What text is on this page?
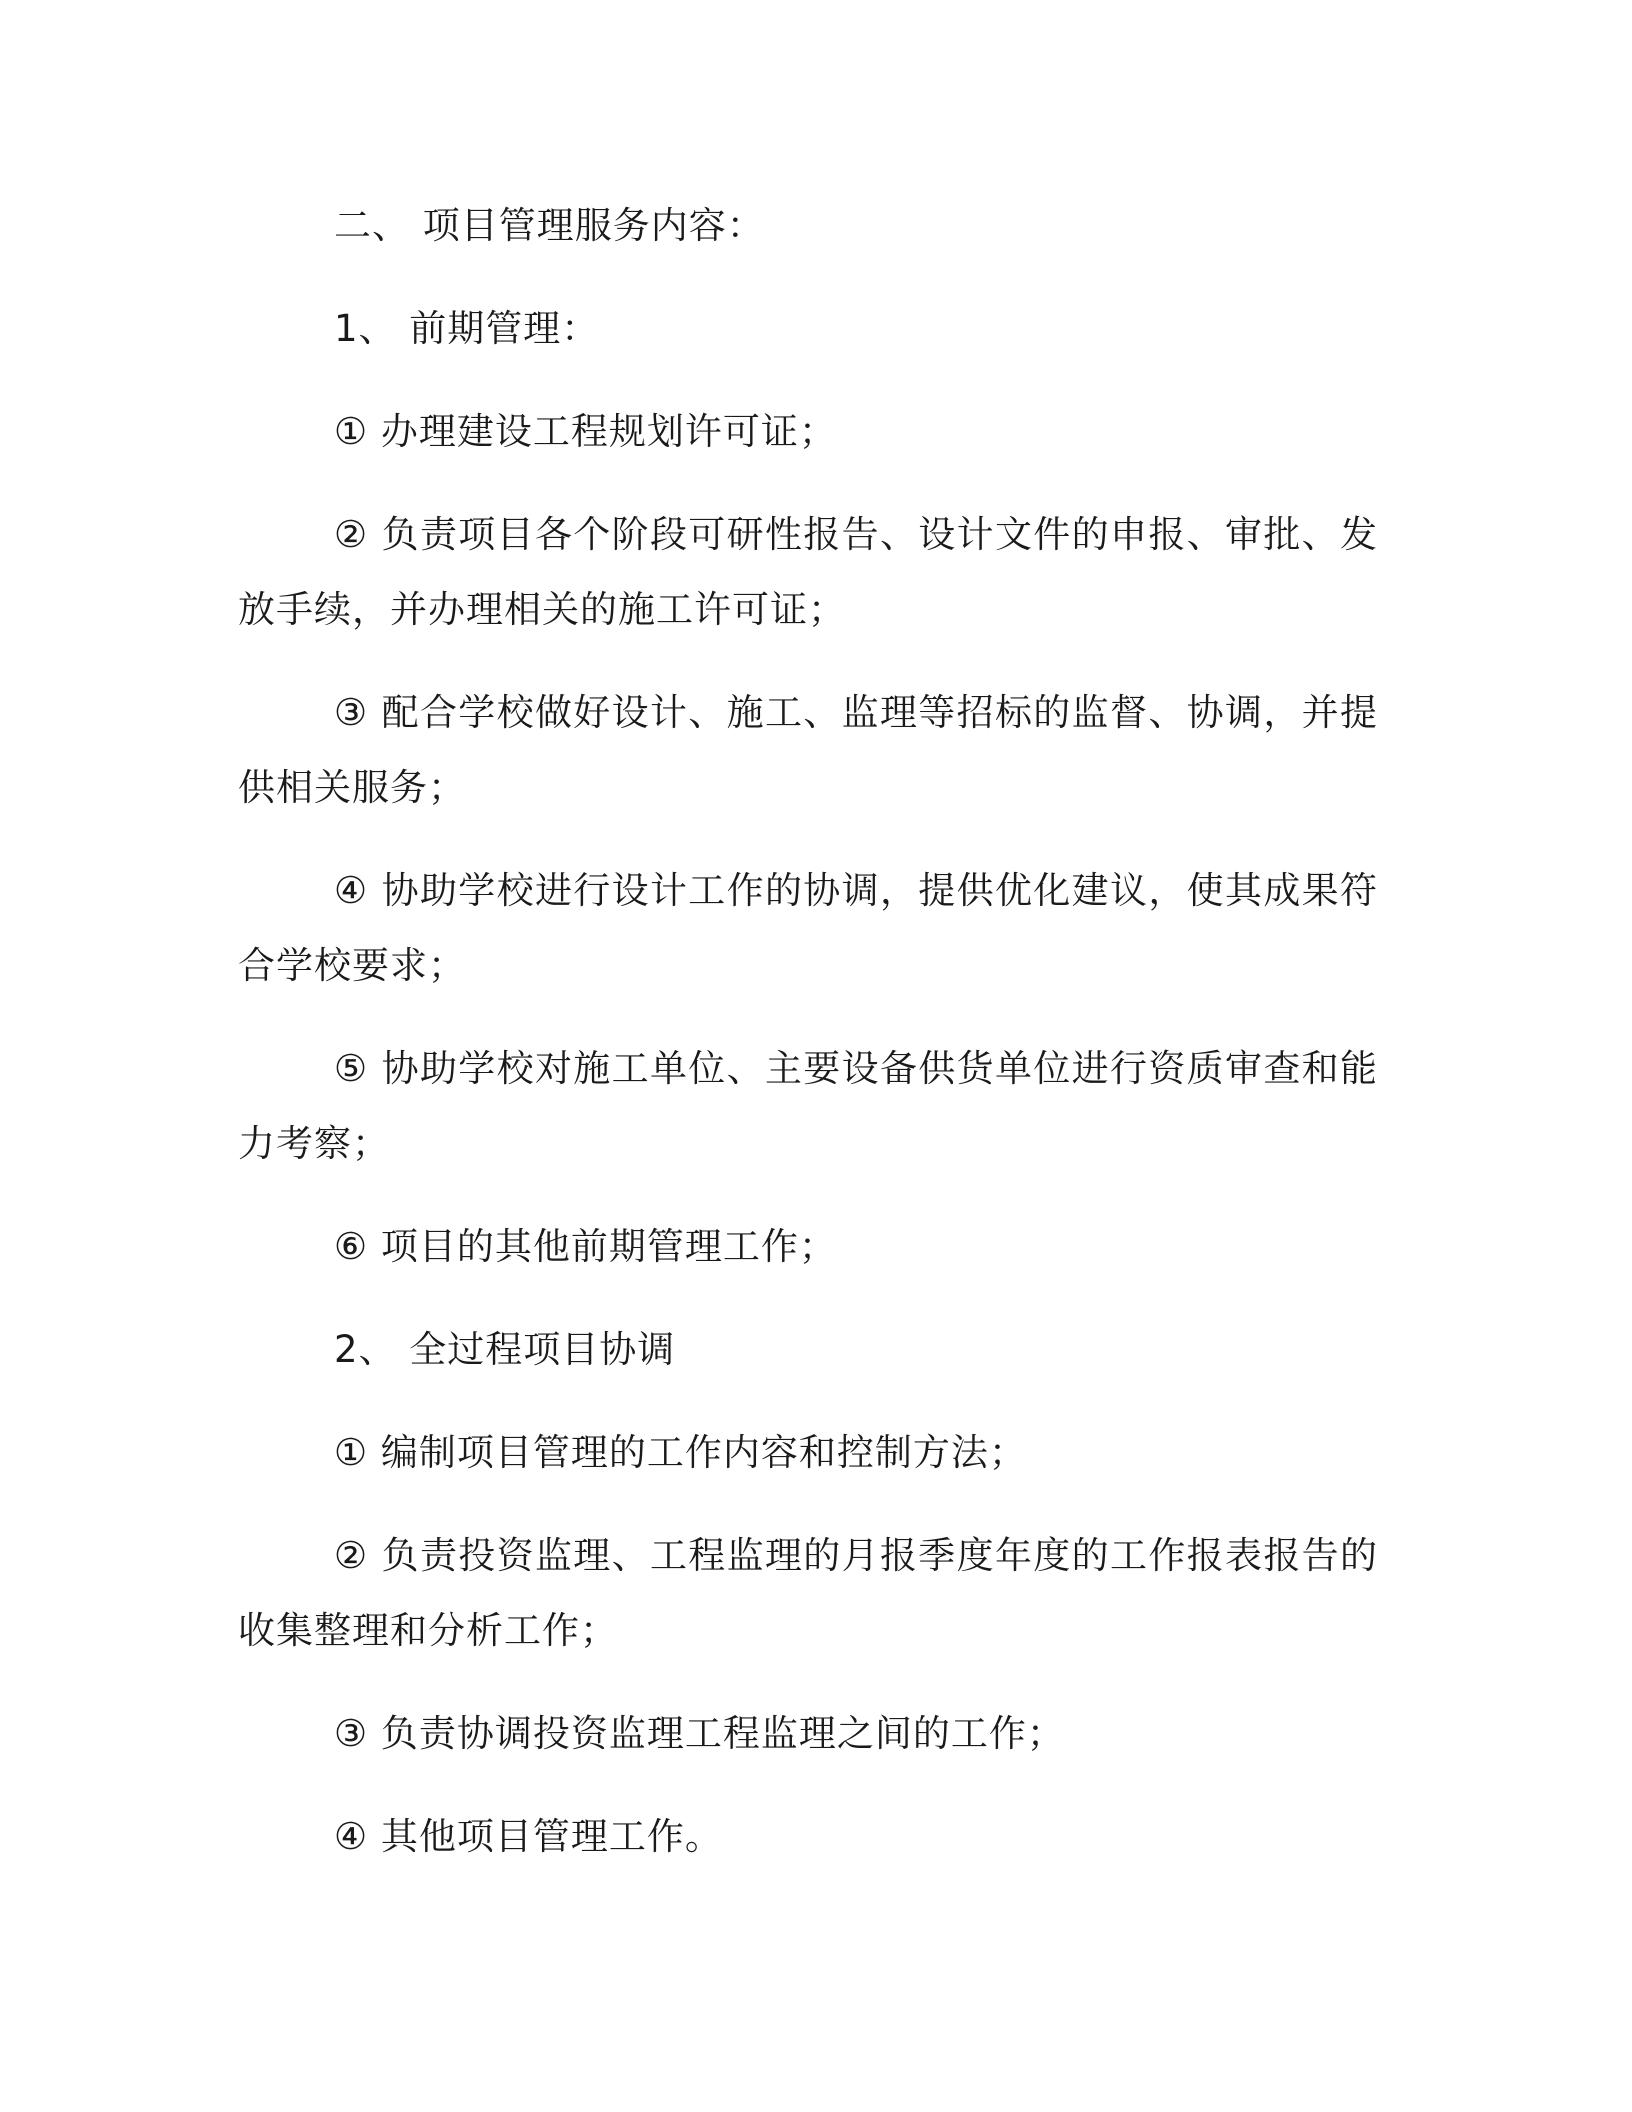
二、 项目管理服务内容：

1、 前期管理：

① 办理建设工程规划许可证；

② 负责项目各个阶段可研性报告、设计文件的申报、审批、发放手续，并办理相关的施工许可证；

③ 配合学校做好设计、施工、监理等招标的监督、协调，并提供相关服务；

④ 协助学校进行设计工作的协调，提供优化建议，使其成果符合学校要求；

⑤ 协助学校对施工单位、主要设备供货单位进行资质审查和能力考察；

⑥ 项目的其他前期管理工作；

2、 全过程项目协调

① 编制项目管理的工作内容和控制方法；

② 负责投资监理、工程监理的月报季度年度的工作报表报告的收集整理和分析工作；

③ 负责协调投资监理工程监理之间的工作；

④ 其他项目管理工作。
